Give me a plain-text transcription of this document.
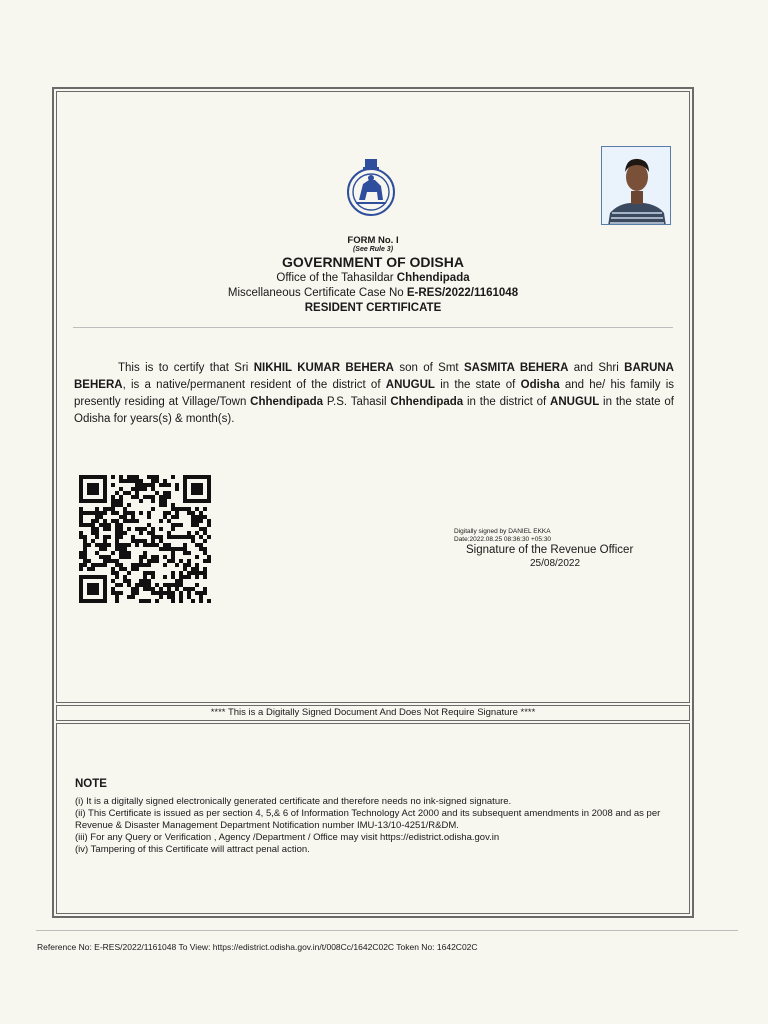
FORM No. I
(See Rule 3)
GOVERNMENT OF ODISHA
Office of the Tahasildar Chhendipada
Miscellaneous Certificate Case No E-RES/2022/1161048
RESIDENT CERTIFICATE

This is to certify that Sri NIKHIL KUMAR BEHERA son of Smt SASMITA BEHERA and Shri BARUNA BEHERA, is a native/permanent resident of the district of ANUGUL in the state of Odisha and he/ his family is presently residing at Village/Town Chhendipada P.S. Tahasil Chhendipada in the district of ANUGUL in the state of Odisha for years(s) & month(s).

Digitally signed by DANIEL EKKA
Date:2022.08.25 08:36:30 +05:30
Signature of the Revenue Officer
25/08/2022
**** This is a Digitally Signed Document And Does Not Require Signature ****
NOTE
(i) It is a digitally signed electronically generated certificate and therefore needs no ink-signed signature.
(ii) This Certificate is issued as per section 4, 5,& 6 of Information Technology Act 2000 and its subsequent amendments in 2008 and as per Revenue & Disaster Management Department Notification number IMU-13/10-4251/R&DM.
(iii) For any Query or Verification , Agency /Department / Office may visit https://edistrict.odisha.gov.in
(iv) Tampering of this Certificate will attract penal action.
Reference No: E-RES/2022/1161048 To View: https://edistrict.odisha.gov.in/t/008Cc/1642C02C Token No: 1642C02C
